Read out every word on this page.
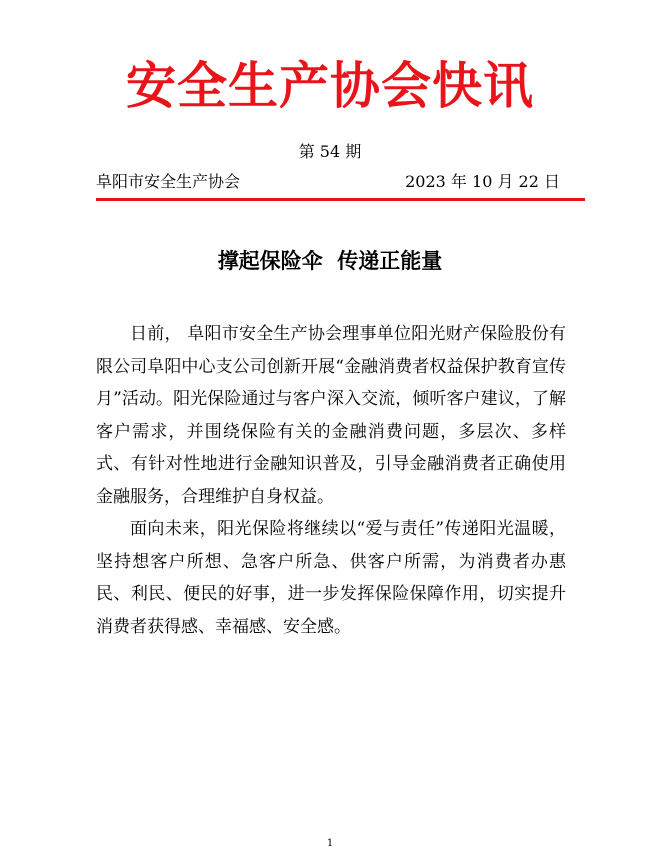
安全生产协会快讯
第 54 期
阜阳市安全生产协会	2023 年 10 月 22 日
撑起保险伞  传递正能量

日前， 阜阳市安全生产协会理事单位阳光财产保险股份有限公司阜阳中心支公司创新开展“金融消费者权益保护教育宣传月”活动。阳光保险通过与客户深入交流，倾听客户建议，了解客户需求，并围绕保险有关的金融消费问题，多层次、多样式、有针对性地进行金融知识普及，引导金融消费者正确使用金融服务，合理维护自身权益。

面向未来，阳光保险将继续以“爱与责任”传递阳光温暖，坚持想客户所想、急客户所急、供客户所需，为消费者办惠民、利民、便民的好事，进一步发挥保险保障作用，切实提升消费者获得感、幸福感、安全感。

1
